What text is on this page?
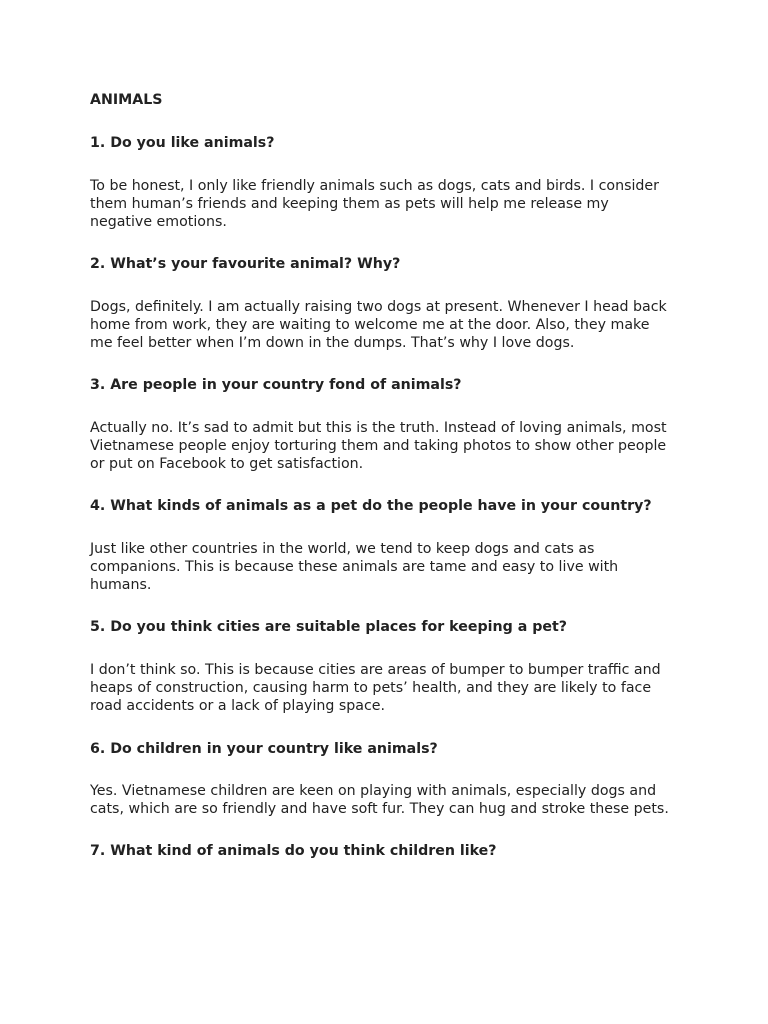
ANIMALS

1. Do you like animals?

To be honest, I only like friendly animals such as dogs, cats and birds. I consider them human’s friends and keeping them as pets will help me release my negative emotions.

2. What’s your favourite animal? Why?

Dogs, definitely. I am actually raising two dogs at present. Whenever I head back home from work, they are waiting to welcome me at the door. Also, they make me feel better when I’m down in the dumps. That’s why I love dogs.

3. Are people in your country fond of animals?

Actually no. It’s sad to admit but this is the truth. Instead of loving animals, most Vietnamese people enjoy torturing them and taking photos to show other people or put on Facebook to get satisfaction.

4. What kinds of animals as a pet do the people have in your country?

Just like other countries in the world, we tend to keep dogs and cats as companions. This is because these animals are tame and easy to live with humans.

5. Do you think cities are suitable places for keeping a pet?

I don’t think so. This is because cities are areas of bumper to bumper traffic and heaps of construction, causing harm to pets’ health, and they are likely to face road accidents or a lack of playing space.

6. Do children in your country like animals?

Yes. Vietnamese children are keen on playing with animals, especially dogs and cats, which are so friendly and have soft fur. They can hug and stroke these pets.

7. What kind of animals do you think children like?
